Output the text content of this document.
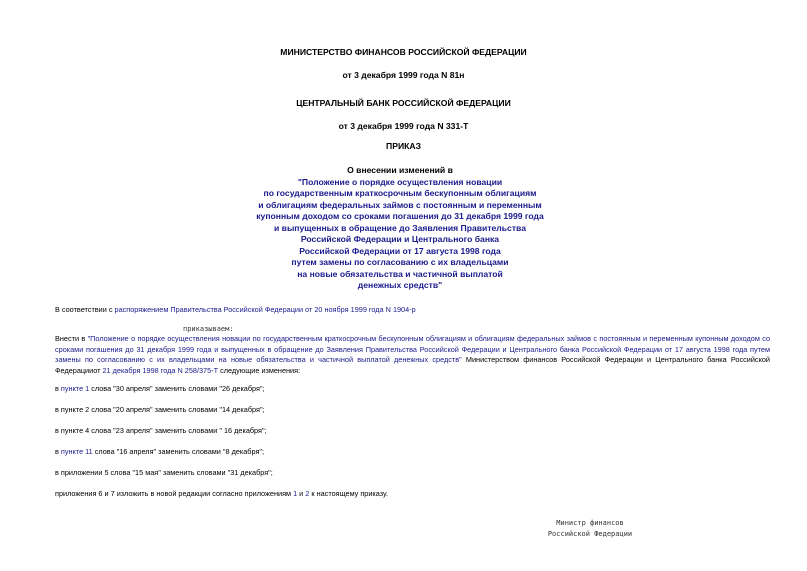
МИНИСТЕРСТВО ФИНАНСОВ РОССИЙСКОЙ ФЕДЕРАЦИИ
от 3 декабря 1999 года N 81н
ЦЕНТРАЛЬНЫЙ БАНК РОССИЙСКОЙ ФЕДЕРАЦИИ
от 3 декабря 1999 года N 331-Т
ПРИКАЗ
О внесении изменений в
"Положение о порядке осуществления новации
по государственным краткосрочным бескупонным облигациям
и облигациям федеральных займов с постоянным и переменным
купонным доходом со сроками погашения до 31 декабря 1999 года
и выпущенных в обращение до Заявления Правительства
Российской Федерации и Центрального банка
Российской Федерации от 17 августа 1998 года
путем замены по согласованию с их владельцами
на новые обязательства и частичной выплатой
денежных средств"
В соответствии с распоряжением Правительства Российской Федерации от 20 ноября 1999 года N 1904-р
приказываем:
Внести в "Положение о порядке осуществления новации по государственным краткосрочным бескупонным облигациям и облигациям федеральных займов с постоянным и переменным купонным доходом со сроками погашения до 31 декабря 1999 года и выпущенных в обращение до Заявления Правительства Российской Федерации и Центрального банка Российской Федерации от 17 августа 1998 года путем замены по согласованию с их владельцами на новые обязательства и частичной выплатой денежных средств" Министерством финансов Российской Федерации и Центрального банка Российской Федерацииот 21 декабря 1998 года N 258/375-Т следующие изменения:
в пункте 1 слова "30 апреля" заменить словами "26 декабря";
в пункте 2 слова "20 апреля" заменить словами "14 декабря";
в пункте 4 слова "23 апреля" заменить словами " 16 декабря";
в пункте 11 слова "16 апреля" заменить словами "8 декабря";
в приложении 5 слова "15 мая" заменить словами "31 декабря";
приложения 6 и 7 изложить в новой редакции согласно приложениям 1 и 2 к настоящему приказу.
Министр финансов
Российской Федерации
